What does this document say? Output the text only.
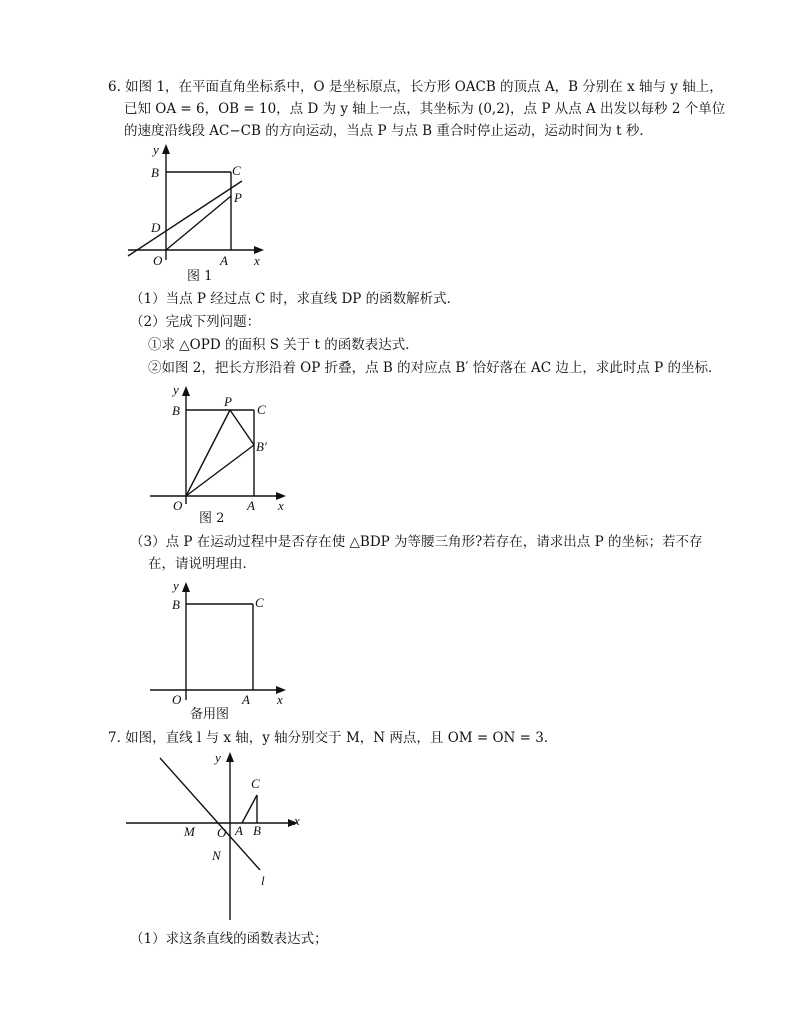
6. 如图 1，在平面直角坐标系中，O 是坐标原点，长方形 OACB 的顶点 A，B 分别在 x 轴与 y 轴上，
已知 OA = 6，OB = 10，点 D 为 y 轴上一点，其坐标为 (0,2)，点 P 从点 A 出发以每秒 2 个单位
的速度沿线段 AC−CB 的方向运动，当点 P 与点 B 重合时停止运动，运动时间为 t 秒．
y
B	C
P
D
O	A x
图 1
（1）当点 P 经过点 C 时，求直线 DP 的函数解析式．
（2）完成下列问题：
①求 △OPD 的面积 S 关于 t 的函数表达式．
②如图 2，把长方形沿着 OP 折叠，点 B 的对应点 B′ 恰好落在 AC 边上，求此时点 P 的坐标．
y
B
P
C
B′
O	A x
图 2
（3）点 P 在运动过程中是否存在使 △BDP 为等腰三角形?若存在，请求出点 P 的坐标；若不存
在，请说明理由．
y
B	C
O	A x
备用图
7. 如图，直线 l 与 x 轴，y 轴分别交于 M，N 两点，且 OM = ON = 3．
y
C
x
M O A B
N
l
（1）求这条直线的函数表达式；
